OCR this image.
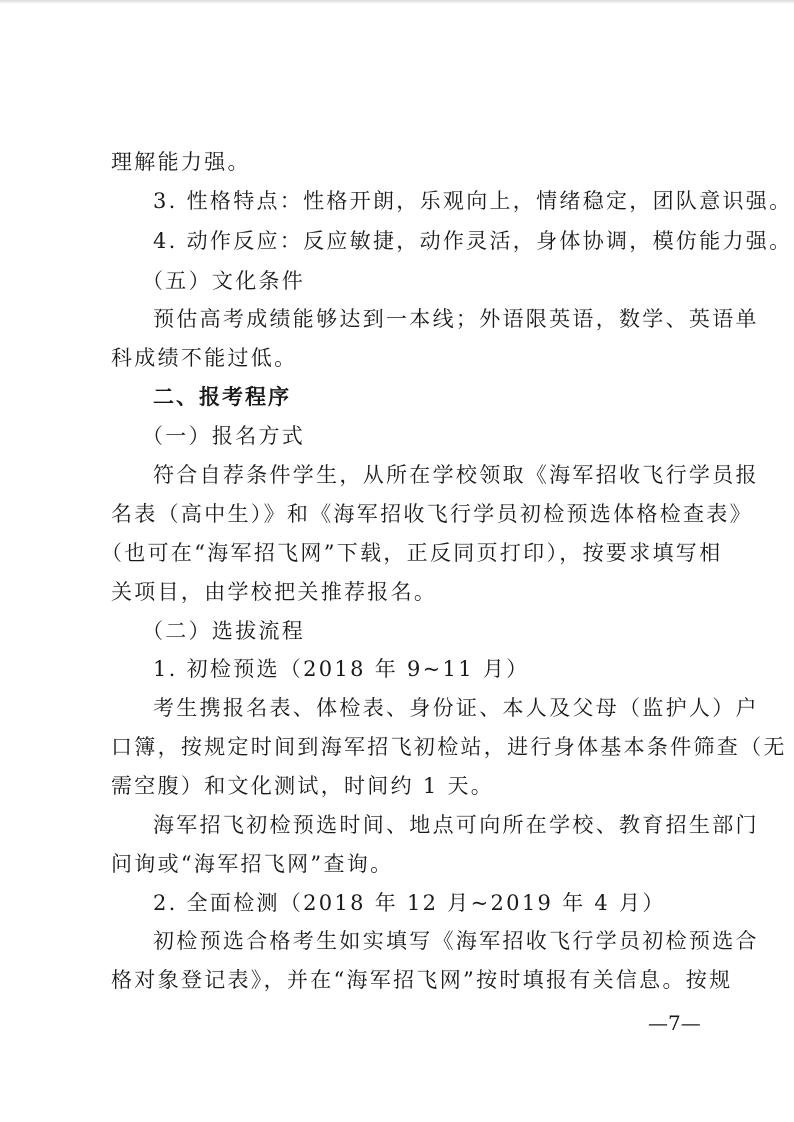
理解能力强。
3. 性格特点：性格开朗，乐观向上，情绪稳定，团队意识强。
4. 动作反应：反应敏捷，动作灵活，身体协调，模仿能力强。
（五）文化条件
预估高考成绩能够达到一本线；外语限英语，数学、英语单
科成绩不能过低。
二、报考程序
（一）报名方式
符合自荐条件学生，从所在学校领取《海军招收飞行学员报
名表（高中生）》和《海军招收飞行学员初检预选体格检查表》
（也可在“海军招飞网”下载，正反同页打印），按要求填写相
关项目，由学校把关推荐报名。
（二）选拔流程
1. 初检预选（2018 年 9~11 月）
考生携报名表、体检表、身份证、本人及父母（监护人）户
口簿，按规定时间到海军招飞初检站，进行身体基本条件筛查（无
需空腹）和文化测试，时间约 1 天。
海军招飞初检预选时间、地点可向所在学校、教育招生部门
问询或“海军招飞网”查询。
2. 全面检测（2018 年 12 月~2019 年 4 月）
初检预选合格考生如实填写《海军招收飞行学员初检预选合
格对象登记表》，并在“海军招飞网”按时填报有关信息。按规
—7—
